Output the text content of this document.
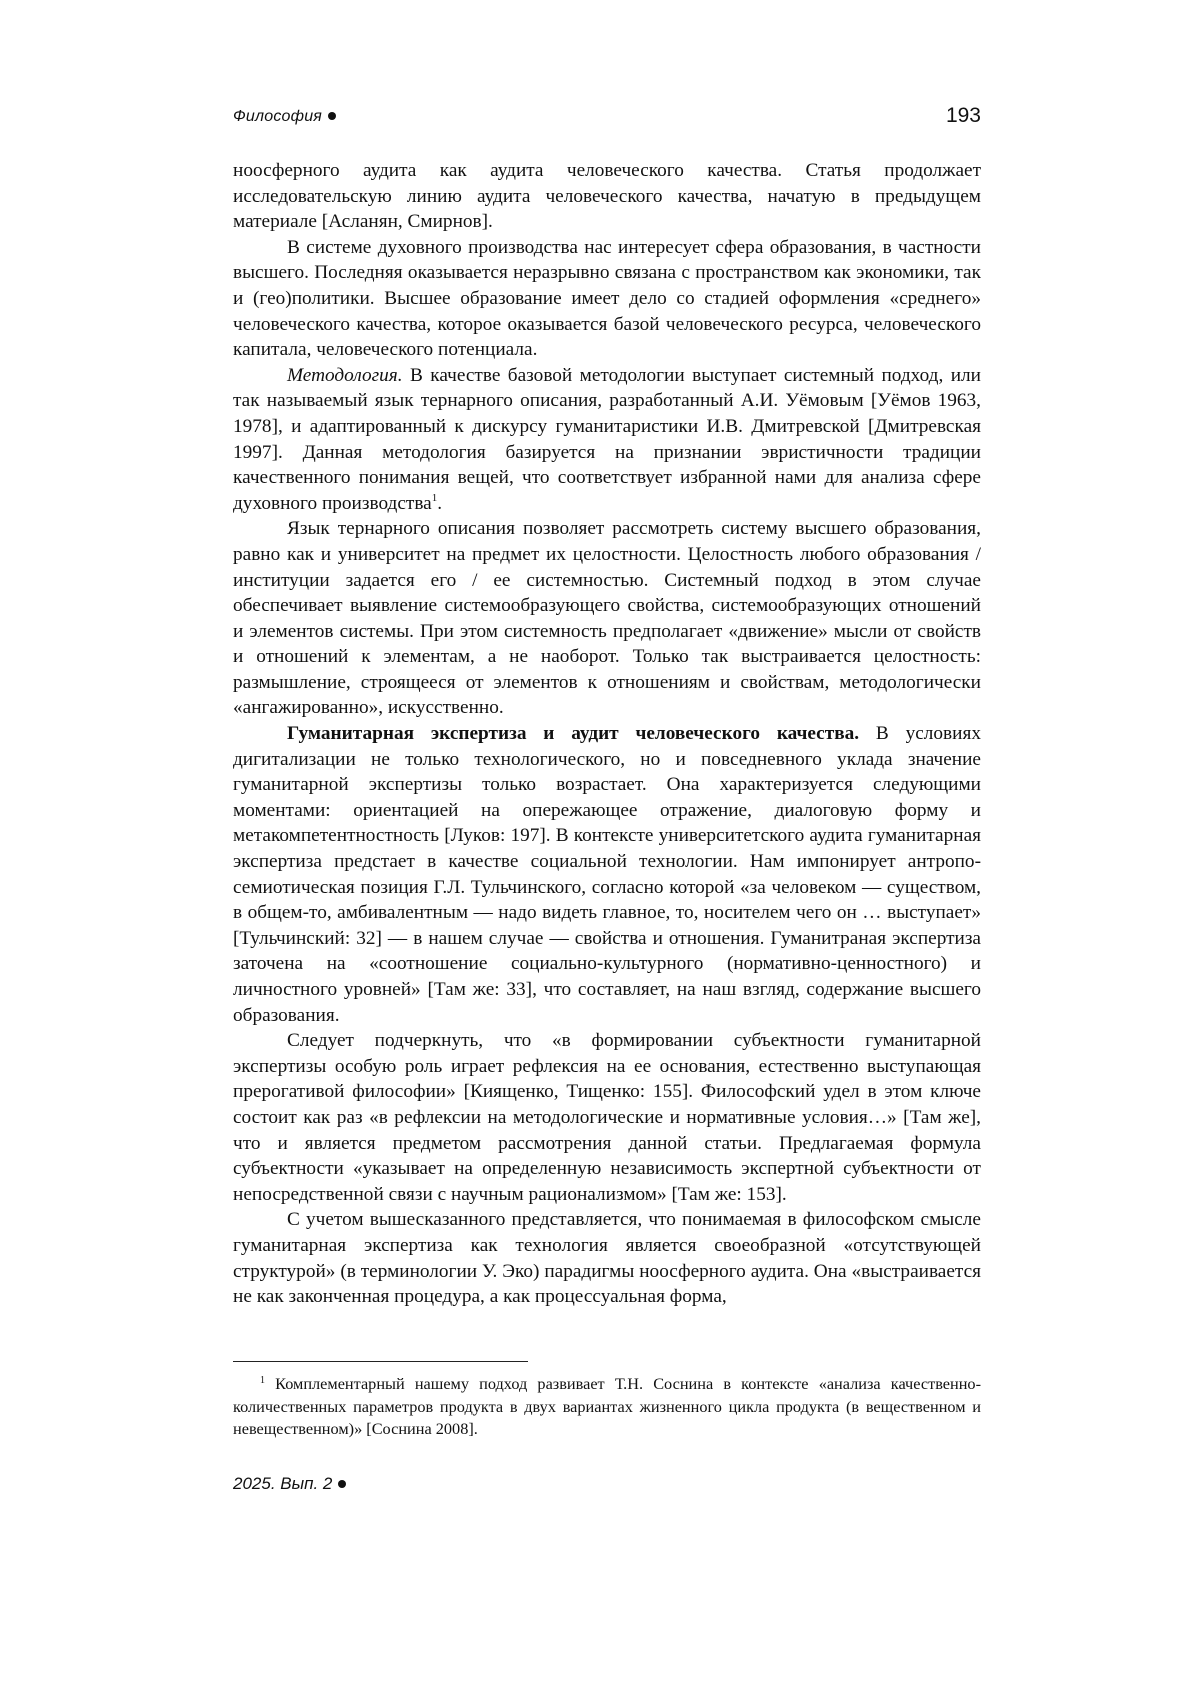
Философия	193

ноосферного аудита как аудита человеческого качества. Статья продолжает исследовательскую линию аудита человеческого качества, начатую в предыдущем материале [Асланян, Смирнов].

В системе духовного производства нас интересует сфера образования, в частности высшего. Последняя оказывается неразрывно связана с пространством как экономики, так и (гео)политики. Высшее образование имеет дело со стадией оформления «среднего» человеческого качества, которое оказывается базой человеческого ресурса, человеческого капитала, человеческого потенциала.

Методология. В качестве базовой методологии выступает системный подход, или так называемый язык тернарного описания, разработанный А.И. Уёмовым [Уёмов 1963, 1978], и адаптированный к дискурсу гуманитаристики И.В. Дмитревской [Дмитревская 1997]. Данная методология базируется на признании эвристичности традиции качественного понимания вещей, что соответствует избранной нами для анализа сфере духовного производства$^1$.

Язык тернарного описания позволяет рассмотреть систему высшего образования, равно как и университет на предмет их целостности. Целостность любого образования / институции задается его / ее системностью. Системный подход в этом случае обеспечивает выявление системообразующего свойства, системообразующих отношений и элементов системы. При этом системность предполагает «движение» мысли от свойств и отношений к элементам, а не наоборот. Только так выстраивается целостность: размышление, строящееся от элементов к отношениям и свойствам, методологически «ангажированно», искусственно.

Гуманитарная экспертиза и аудит человеческого качества. В условиях дигитализации не только технологического, но и повседневного уклада значение гуманитарной экспертизы только возрастает. Она характеризуется следующими моментами: ориентацией на опережающее отражение, диалоговую форму и метакомпетентностность [Луков: 197]. В контексте университетского аудита гуманитарная экспертиза предстает в качестве социальной технологии. Нам импонирует антропо-семиотическая позиция Г.Л. Тульчинского, согласно которой «за человеком — существом, в общем-то, амбивалентным — надо видеть главное, то, носителем чего он … выступает» [Тульчинский: 32] — в нашем случае — свойства и отношения. Гуманитраная экспертиза заточена на «соотношение социально-культурного (нормативно-ценностного) и личностного уровней» [Там же: 33], что составляет, на наш взгляд, содержание высшего образования.

Следует подчеркнуть, что «в формировании субъектности гуманитарной экспертизы особую роль играет рефлексия на ее основания, естественно выступающая прерогативой философии» [Киященко, Тищенко: 155]. Философский удел в этом ключе состоит как раз «в рефлексии на методологические и нормативные условия…» [Там же], что и является предметом рассмотрения данной статьи. Предлагаемая формула субъектности «указывает на определенную независимость экспертной субъектности от непосредственной связи с научным рационализмом» [Там же: 153].

С учетом вышесказанного представляется, что понимаемая в философском смысле гуманитарная экспертиза как технология является своеобразной «отсутствующей структурой» (в терминологии У. Эко) парадигмы ноосферного аудита. Она «выстраивается не как законченная процедура, а как процессуальная форма,

$^1$ Комплементарный нашему подход развивает Т.Н. Соснина в контексте «анализа качественно-количественных параметров продукта в двух вариантах жизненного цикла продукта (в вещественном и невещественном)» [Соснина 2008].
2025. Вып. 2
